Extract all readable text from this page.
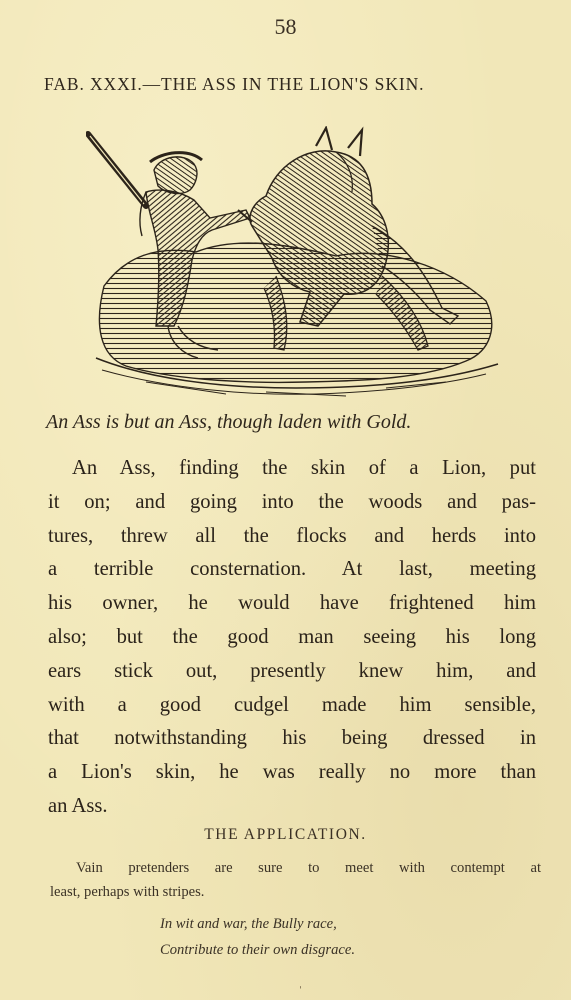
58
FAB. XXXI.—THE ASS IN THE LION'S SKIN.
An Ass is but an Ass, though laden with Gold.
An Ass, finding the skin of a Lion, put
it on; and going into the woods and pas-
tures, threw all the flocks and herds into
a terrible consternation. At last, meeting
his owner, he would have frightened him
also; but the good man seeing his long
ears stick out, presently knew him, and
with a good cudgel made him sensible,
that notwithstanding his being dressed in
a Lion's skin, he was really no more than
an Ass.
THE APPLICATION.
Vain pretenders are sure to meet with contempt at
least, perhaps with stripes.
In wit and war, the Bully race,
Contribute to their own disgrace.
ˈ
